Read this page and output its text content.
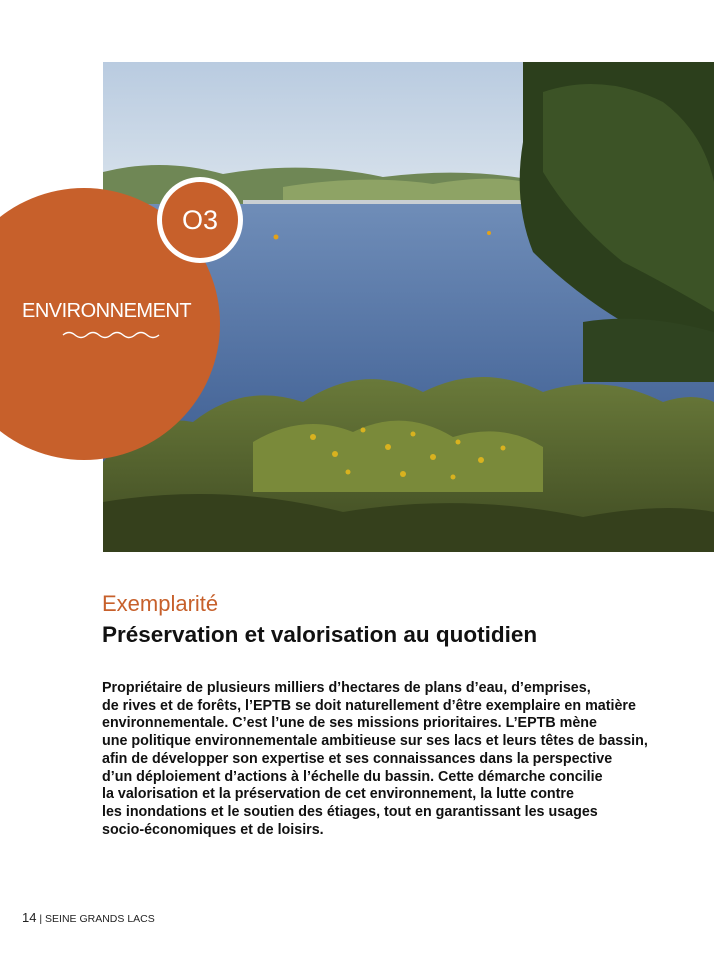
O3
ENVIRONNEMENT
Exemplarité
Préservation et valorisation au quotidien
Propriétaire de plusieurs milliers d’hectares de plans d’eau, d’emprises,
de rives et de forêts, l’EPTB se doit naturellement d’être exemplaire en matière
environnementale. C’est l’une de ses missions prioritaires. L’EPTB mène
une politique environnementale ambitieuse sur ses lacs et leurs têtes de bassin,
afin de développer son expertise et ses connaissances dans la perspective
d’un déploiement d’actions à l’échelle du bassin. Cette démarche concilie
la valorisation et la préservation de cet environnement, la lutte contre
les inondations et le soutien des étiages, tout en garantissant les usages
socio-économiques et de loisirs.
14 | SEINE GRANDS LACS
